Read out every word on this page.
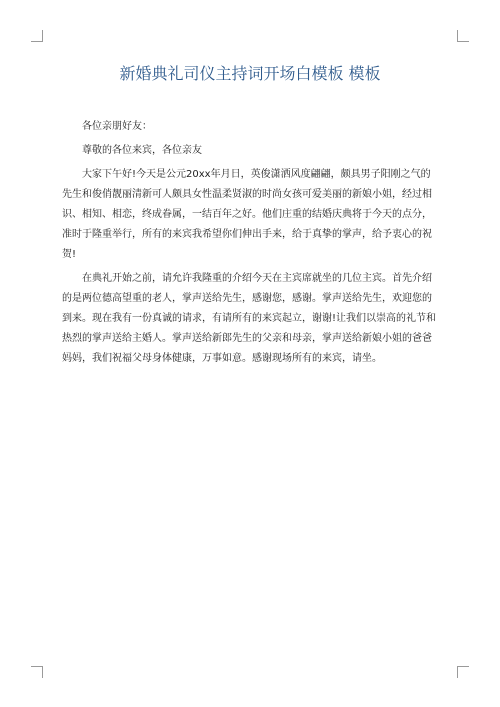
新婚典礼司仪主持词开场白模板 模板

各位亲朋好友：

尊敬的各位来宾，各位亲友

大家下午好!今天是公元20xx年月日，英俊潇洒风度翩翩，颇具男子阳刚之气的先生和俊俏靓丽清新可人颇具女性温柔贤淑的时尚女孩可爱美丽的新娘小姐，经过相识、相知、相恋，终成眷属，一结百年之好。他们庄重的结婚庆典将于今天的点分，准时于隆重举行，所有的来宾我希望你们伸出手来，给于真挚的掌声，给予衷心的祝贺!

在典礼开始之前，请允许我隆重的介绍今天在主宾席就坐的几位主宾。首先介绍的是两位德高望重的老人，掌声送给先生，感谢您，感谢。掌声送给先生，欢迎您的到来。现在我有一份真诚的请求，有请所有的来宾起立，谢谢!让我们以崇高的礼节和热烈的掌声送给主婚人。掌声送给新郎先生的父亲和母亲，掌声送给新娘小姐的爸爸妈妈，我们祝福父母身体健康，万事如意。感谢现场所有的来宾，请坐。
